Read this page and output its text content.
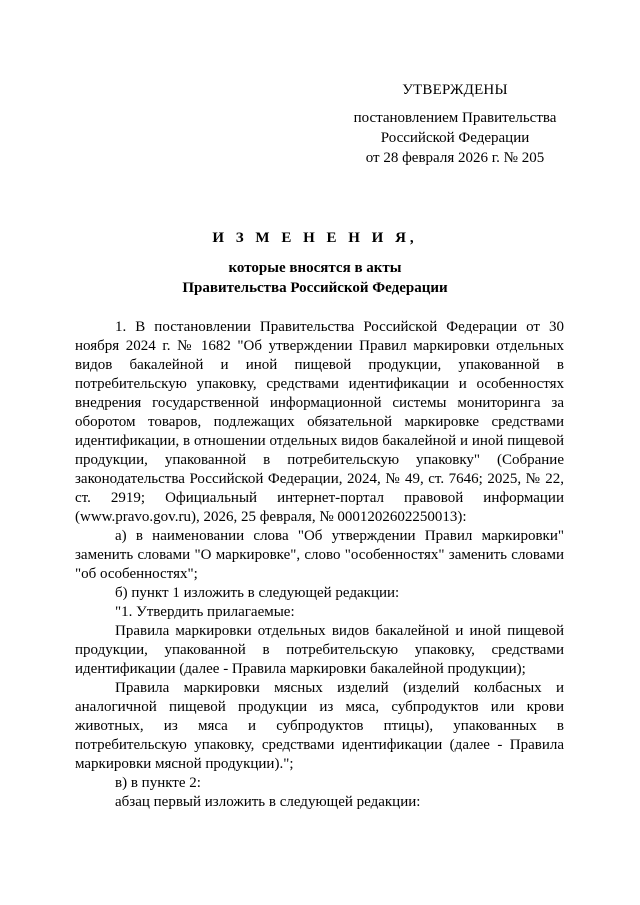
УТВЕРЖДЕНЫ
постановлением Правительства
Российской Федерации
от 28 февраля 2026 г. № 205
И З М Е Н Е Н И Я,
которые вносятся в акты
Правительства Российской Федерации

1. В постановлении Правительства Российской Федерации от 30 ноября 2024 г. № 1682 "Об утверждении Правил маркировки отдельных видов бакалейной и иной пищевой продукции, упакованной в потребительскую упаковку, средствами идентификации и особенностях внедрения государственной информационной системы мониторинга за оборотом товаров, подлежащих обязательной маркировке средствами идентификации, в отношении отдельных видов бакалейной и иной пищевой продукции, упакованной в потребительскую упаковку" (Собрание законодательства Российской Федерации, 2024, № 49, ст. 7646; 2025, № 22, ст. 2919; Официальный интернет-портал правовой информации (www.pravo.gov.ru), 2026, 25 февраля, № 0001202602250013):

а) в наименовании слова "Об утверждении Правил маркировки" заменить словами "О маркировке", слово "особенностях" заменить словами "об особенностях";

б) пункт 1 изложить в следующей редакции:

"1. Утвердить прилагаемые:

Правила маркировки отдельных видов бакалейной и иной пищевой продукции, упакованной в потребительскую упаковку, средствами идентификации (далее - Правила маркировки бакалейной продукции);

Правила маркировки мясных изделий (изделий колбасных и аналогичной пищевой продукции из мяса, субпродуктов или крови животных, из мяса и субпродуктов птицы), упакованных в потребительскую упаковку, средствами идентификации (далее - Правила маркировки мясной продукции).";

в) в пункте 2:

абзац первый изложить в следующей редакции:
